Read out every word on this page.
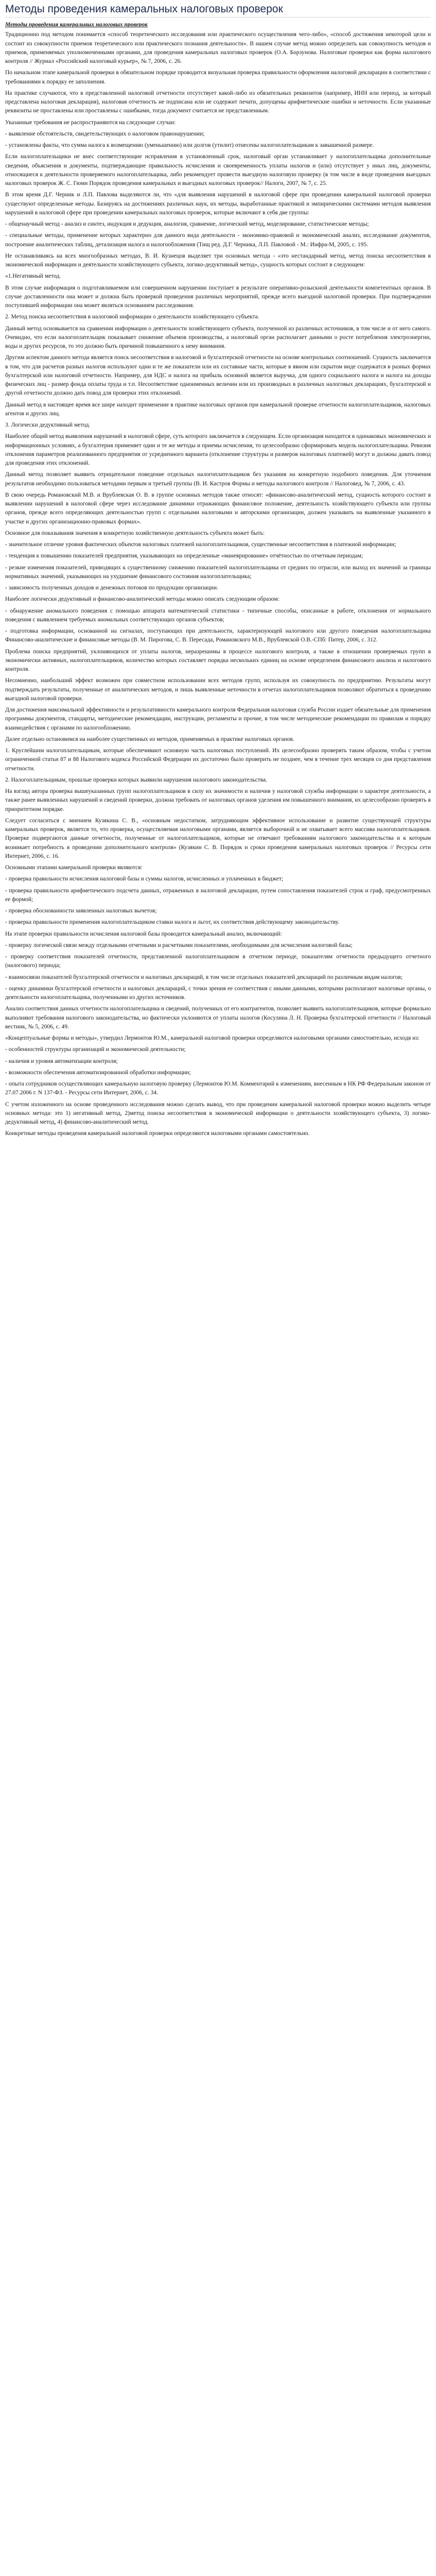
Методы проведения камеральных налоговых проверок

Методы проведения камеральных налоговых проверок

Традиционно под методом понимается «способ теоретического исследования или практического осуществления чего-либо», «способ достижения некоторой цели и состоит из совокупности приемов теоретического или практического познания деятельности». В нашем случае метод можно определить как совокупность методов и приемов, применяемых уполномоченными органами, для проведения камеральных налоговых проверок (О.А. Борзунова. Налоговые проверки как форма налогового контроля // Журнал «Российский налоговый курьер», № 7, 2006, с. 26.

По начальном этапе камеральной проверки в обязательном порядке проводится визуальная проверка правильности оформления налоговой декларации в соответствии с требованиями к порядку ее заполнения.

На практике случаются, что в представленной налоговой отчетности отсутствует какой-либо из обязательных реквизитов (например, ИНН или период, за который представлена налоговая декларация), налоговая отчетность не подписана или не содержит печати, допущены арифметические ошибки и неточности. Если указанные реквизиты не проставлены или проставлены с ошибками, тогда документ считается не представленным.

Указанные требования не распространяются на следующие случаи:

- выявление обстоятельств, свидетельствующих о налоговом правонарушении;

- установлены факты, что сумма налога к возмещению (уменьшению) или долгов (утилит) отнесены налогоплательщикам к завышенной размере.

Если налогоплательщики не внес соответствующие исправления в установленный срок, налоговый орган устанавливает у налогоплательщика дополнительные сведения, объяснения и документы, подтверждающие правильность исчисления и своевременность уплаты налогов и (или) отсутствует у иных лиц, документы, относящиеся к деятельности проверяемого налогоплательщика, либо рекомендует провести выездную налоговую проверку (в том числе в виде проведения выездных налоговых проверок Ж. С. Гюми Порядок проведения камеральных и выездных налоговых проверок// Налоги, 2007, № 7, с. 25.

В этом время Д.Г. Черник и Л.П. Павлова выделяются ли, что «для выявления нарушений в налоговой сфере при проведении камеральной налоговой проверки существуют определенные методы. Базируясь на достижениях различных наук, их методы, выработанные практикой и эмпирическими системами методов выявления нарушений в налоговой сфере при проведении камеральных налоговых проверок, которые включают в себя две группы:

- общенаучный метод - анализ и синтез, индукция и дедукция, аналогия, сравнение, логический метод, моделирование, статистические методы;

- специальные методы, применение которых характерно для данного вида деятельности - экономико-правовой и экономический анализ, исследование документов, построение аналитических таблиц, детализация налога и налогообложения (Тищ ред. Д.Г. Черника, Л.П. Павловой - М.: Инфра-М, 2005, с. 195.

Не останавливаясь на всех многообразных методах, В. И. Кузнецов выделяет три основных метода - «это нестандарный метод, метод поиска несоответствия в экономической информации и деятельности хозяйствующего субъекта, логико-дедуктивный метод», сущность которых состоит в следующем:

«1.Негативный метод.

В этом случае информация о подготавливаемом или совершенном нарушении поступает в результате оперативно-розыскной деятельности компетентных органов. В случае доставленности она может и должна быть проверкой проведения различных мероприятий, прежде всего выездной налоговой проверки. При подтверждении поступившей информации она может являться основанием расследования.

2. Метод поиска несоответствия в налоговой информации о деятельности хозяйствующего субъекта.

Данный метод основывается на сравнении информации о деятельности хозяйствующего субъекта, полученной из различных источников, в том числе и от него самого. Очевидно, что если налогоплательщик показывает снижение объемов производства, а налоговый орган располагает данными о росте потребления электроэнергии, воды и других ресурсов, то это должно быть причиной повышенного к нему внимания.

Другим аспектом данного метода является поиск несоответствия в налоговой и бухгалтерской отчетности на основе контрольных соотношений. Сущность заключается в том, что для расчетов разных налогов используют одни и те же показатели или их составные части, которые в явном или скрытом виде содержатся в разных формах бухгалтерской или налоговой отчетности. Например, для НДС и налога на прибыль основной является выручка, для одного социального налога и налога на доходы физических лиц - размер фонда оплаты труда и т.п. Несоответствие одноименных величин или их производных в различных налоговых декларациях, бухгалтерской и другой отчетности должно дать повод для проверки этих отклонений.

Данный метод в настоящее время все шире находит применение в практике налоговых органов при камеральной проверке отчетности налогоплательщиков, налоговых агентов и других лиц.

3. Логически дедуктивный метод.

Наиболее общий метод выявления нарушений в налоговой сфере, суть которого заключается в следующем. Если организация находится в одинаковых экономических и информационных условиях, а бухгалтерия применяет одни и те же методы и приемы исчисления, то целесообразно сформировать модель налогоплательщика. Ревизия отклонения параметров реализованного предприятия от усредненного варианта (отклонение структуры и размеров налоговых платежей) могут и должны давать повод для проведения этих отклонений.

Данный метод позволяет выявить отрицательное поведение отдельных налогоплательщиков без указания на конкретную подобного поведения. Для уточнения результатов необходимо пользоваться методами первым и третьей группы (В. И. Кастров Формы и методы налогового контроля // Налоговед, № 7, 2006, с. 43.

В свою очередь Романовский М.В. и Врублевская О. В. в группе основных методов также относят: «финансово-аналитический метод, сущность которого состоит в выявлении нарушений в налоговой сфере через исследование динамики отражающих финансовое положение, деятельность хозяйствующего субъекта или группы органов, прежде всего определяющих деятельностью групп с отдельными налоговыми и авторскими организации, должен указывать на выявленные указанного в участке и других организационно-правовых формах».

Основное для показывания значения в конкретную хозяйственную деятельность субъекта может быть:

- значительное отличие уровня фактических объектов налоговых платежей налогоплательщиков, существенные несоответствия в платежной информации;

- тенденция к повышению показателей предприятия, указывающих на определенные «маневрирование» отчётностью по отчетным периодам;

- резкие изменения показателей, приводящих к существенному снижению показателей налогоплательщика от средних по отрасли, или выход их значений за границы нормативных значений, указывающих на ухудшение финансового состояния налогоплательщика;

- зависимость полученных доходов и денежных потоков по продукции организации.

Наиболее логически дедуктивный и финансово-аналитический методы можно описать следующим образом:

- обнаружение аномального поведения с помощью аппарата математической статистики - типичные способы, описанные в работе, отклонения от нормального поведения с выявлением требуемых аномальных соответствующих органов субъектов;

- подготовка информации, основанной на сигналах, поступающих при деятельности, характеризующей налогового или другого поведения налогоплательщика Финансово-аналитические и финансовые методы (В. М. Пирогова, С. В. Пересада, Романовского М.В., Врублевской О.В.-СПб: Питер, 2006, с. 312.

Проблема поиска предприятий, уклоняющихся от уплаты налогов, неразрешимы в процессе налогового контроля, а также в отношении проверяемых групп в экономически активных, налогоплательщиков, количество которых составляет порядка нескольких единиц на основе определения финансового анализа и налогового контроля.

Несомненно, наибольший эффект возможен при совместном использовании всех методов групп, используя их совокупность по предприятию. Результаты могут подтверждать результаты, полученные от аналитических методов, и лишь выявленные неточности в отчетах налогоплательщиков позволяют обратиться к проведению выездной налоговой проверки.

Для достижения максимальной эффективности и результативности камерального контроля Федеральная налоговая служба России издает обязательные для применения программы документов, стандарты, методические рекомендации, инструкции, регламенты и прочие, в том числе методические рекомендации по правилам и порядку взаимодействия с органами по налогообложению.

Далее отдельно остановимся на наиболее существенных из методов, применяемых в практике налоговых органов.

1. Круглейшим налогоплательщикам, которые обеспечивают основную часть налоговых поступлений. Их целесообразно проверять таким образом, чтобы с учетом ограниченной статьи 87 и 88 Налогового кодекса Российской Федерации их достаточно было проверить не позднее, чем в течение трех месяцев со дня представления отчетности.

2. Налогоплательщикам, прошлые проверки которых выявили нарушения налогового законодательства.

На взгляд автора проверка вышеуказанных групп налогоплательщиков в силу их значимости и наличия у налоговой службы информации о характере деятельности, а также ранее выявленных нарушений и сведений проверки, должна требовать от налоговых органов уделения им повышенного внимания, их целесообразно проверять в приоритетном порядке.

Следует согласиться с мнением Кузякина С. В., «основным недостатком, затрудняющим эффективное использование и развитие существующей структуры камеральных проверок, является то, что проверка, осуществляемая налоговыми органами, является выборочной и не охватывает всего массива налогоплательщиков. Проверке подвергаются данные отчетности, полученные от налогоплательщиков, которые не отвечают требованиям налогового законодательства и к которым возникает потребность в проведении дополнительного контроля» (Кузякин С. В. Порядок и сроки проведения камеральных налоговых проверок // Ресурсы сети Интернет, 2006, с. 16.

Основными этапами камеральной проверки являются:

- проверка правильности исчисления налоговой базы и суммы налогов, исчисленных и уплаченных в бюджет;

- проверка правильности арифметического подсчета данных, отраженных в налоговой декларации, путем сопоставления показателей строк и граф, предусмотренных ее формой;

- проверка обоснованности заявленных налоговых вычетов;

- проверка правильности применения налогоплательщиком ставки налога и льгот, их соответствия действующему законодательству.

На этапе проверки правильности исчисления налоговой базы проводится камеральный анализ, включающий:

- проверку логической связи между отдельными отчетными и расчетными показателями, необходимыми для исчисления налоговой базы;

- проверку соответствия показателей отчетности, представленной налогоплательщиком в отчетном периоде, показателям отчетности предыдущего отчетного (налогового) периода;

- взаимосвязи показателей бухгалтерской отчетности и налоговых деклараций, в том числе отдельных показателей деклараций по различным видам налогов;

- оценку динамики бухгалтерской отчетности и налоговых деклараций, с точки зрения ее соответствия с иными данными, которыми располагают налоговые органы, о деятельности налогоплательщика, полученными из других источников.

Анализ соответствия данных отчетности налогоплательщика и сведений, полученных от его контрагентов, позволяет выявить налогоплательщиков, которые формально выполняют требования налогового законодательства, но фактически уклоняются от уплаты налогов (Косулина Л. Н. Проверка бухгалтерской отчетности // Налоговый вестник, № 5, 2006, с. 49.

«Концептуальные формы и методы», утвердил Лермонтов Ю.М., камеральной налоговой проверки определяются налоговыми органами самостоятельно, исходя из:

- особенностей структуры организаций и экономической деятельности;

- наличия и уровня автоматизации контроля;

- возможности обеспечения автоматизированной обработки информации;

- опыта сотрудников осуществляющих камеральную налоговую проверку (Лермонтов Ю.М. Комментарий к изменениям, внесенным в НК РФ Федеральным законом от 27.07.2006 г. N 137-ФЗ. - Ресурсы сети Интернет, 2006, с. 34.

С учетом изложенного на основе проведенного исследования можно сделать вывод, что при проведении камеральной налоговой проверки можно выделить четыре основных метода: это 1) негативный метод, 2)метод поиска несоответствия в экономической информации о деятельности хозяйствующего субъекта, 3) логико-дедуктивный метод, 4) финансово-аналитический метод.

Конкретные методы проведения камеральной налоговой проверки определяются налоговыми органами самостоятельно.
